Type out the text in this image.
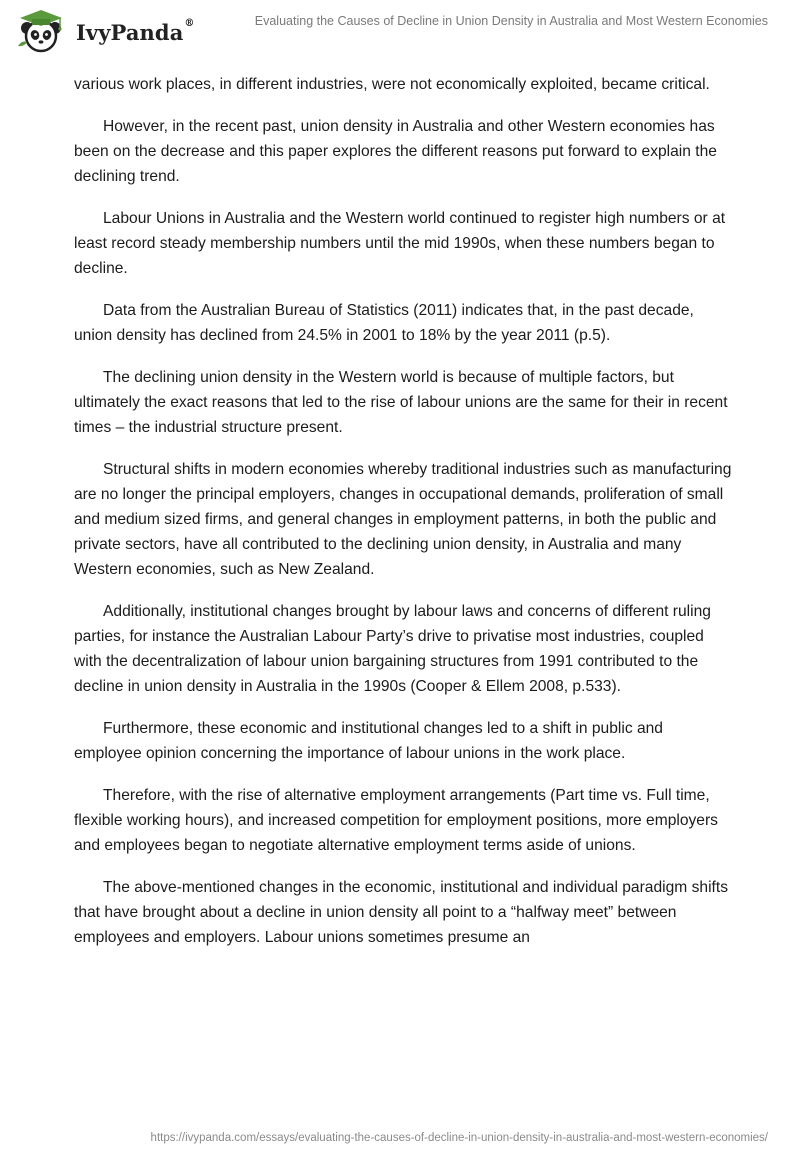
IvyPanda®	Evaluating the Causes of Decline in Union Density in Australia and Most Western Economies

various work places, in different industries, were not economically exploited, became critical.

However, in the recent past, union density in Australia and other Western economies has been on the decrease and this paper explores the different reasons put forward to explain the declining trend.

Labour Unions in Australia and the Western world continued to register high numbers or at least record steady membership numbers until the mid 1990s, when these numbers began to decline.

Data from the Australian Bureau of Statistics (2011) indicates that, in the past decade, union density has declined from 24.5% in 2001 to 18% by the year 2011 (p.5).

The declining union density in the Western world is because of multiple factors, but ultimately the exact reasons that led to the rise of labour unions are the same for their in recent times – the industrial structure present.

Structural shifts in modern economies whereby traditional industries such as manufacturing are no longer the principal employers, changes in occupational demands, proliferation of small and medium sized firms, and general changes in employment patterns, in both the public and private sectors, have all contributed to the declining union density, in Australia and many Western economies, such as New Zealand.

Additionally, institutional changes brought by labour laws and concerns of different ruling parties, for instance the Australian Labour Party’s drive to privatise most industries, coupled with the decentralization of labour union bargaining structures from 1991 contributed to the decline in union density in Australia in the 1990s (Cooper & Ellem 2008, p.533).

Furthermore, these economic and institutional changes led to a shift in public and employee opinion concerning the importance of labour unions in the work place.

Therefore, with the rise of alternative employment arrangements (Part time vs. Full time, flexible working hours), and increased competition for employment positions, more employers and employees began to negotiate alternative employment terms aside of unions.

The above-mentioned changes in the economic, institutional and individual paradigm shifts that have brought about a decline in union density all point to a “halfway meet” between employees and employers. Labour unions sometimes presume an

https://ivypanda.com/essays/evaluating-the-causes-of-decline-in-union-density-in-australia-and-most-western-economies/
